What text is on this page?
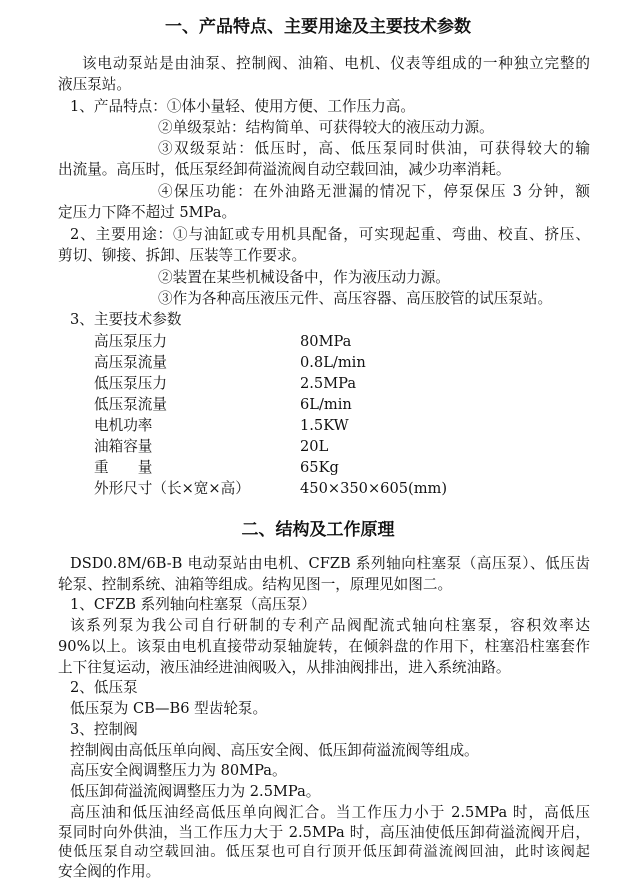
一、产品特点、主要用途及主要技术参数
该电动泵站是由油泵、控制阀、油箱、电机、仪表等组成的一种独立完整的
液压泵站。
1、产品特点：①体小量轻、使用方便、工作压力高。
②单级泵站：结构简单、可获得较大的液压动力源。
③双级泵站：低压时，高、低压泵同时供油，可获得较大的输
出流量。高压时，低压泵经卸荷溢流阀自动空载回油，减少功率消耗。
④保压功能：在外油路无泄漏的情况下，停泵保压 3 分钟，额
定压力下降不超过 5MPa。
2、主要用途：①与油缸或专用机具配备，可实现起重、弯曲、校直、挤压、
剪切、铆接、拆卸、压装等工作要求。
②装置在某些机械设备中，作为液压动力源。
③作为各种高压液压元件、高压容器、高压胶管的试压泵站。
3、主要技术参数
高压泵压力	80MPa
高压泵流量	0.8L/min
低压泵压力	2.5MPa
低压泵流量	6L/min
电机功率	1.5KW
油箱容量	20L
重　　量	65Kg
外形尺寸（长×宽×高）	450×350×605(mm)
二、结构及工作原理
DSD0.8M/6B-B 电动泵站由电机、CFZB 系列轴向柱塞泵（高压泵）、低压齿
轮泵、控制系统、油箱等组成。结构见图一，原理见如图二。
1、CFZB 系列轴向柱塞泵（高压泵）
该系列泵为我公司自行研制的专利产品阀配流式轴向柱塞泵，容积效率达
90%以上。该泵由电机直接带动泵轴旋转，在倾斜盘的作用下，柱塞沿柱塞套作
上下往复运动，液压油经进油阀吸入，从排油阀排出，进入系统油路。
2、低压泵
低压泵为 CB—B6 型齿轮泵。
3、控制阀
控制阀由高低压单向阀、高压安全阀、低压卸荷溢流阀等组成。
高压安全阀调整压力为 80MPa。
低压卸荷溢流阀调整压力为 2.5MPa。
高压油和低压油经高低压单向阀汇合。当工作压力小于 2.5MPa 时，高低压
泵同时向外供油，当工作压力大于 2.5MPa 时，高压油使低压卸荷溢流阀开启，
使低压泵自动空载回油。低压泵也可自行顶开低压卸荷溢流阀回油，此时该阀起
安全阀的作用。
